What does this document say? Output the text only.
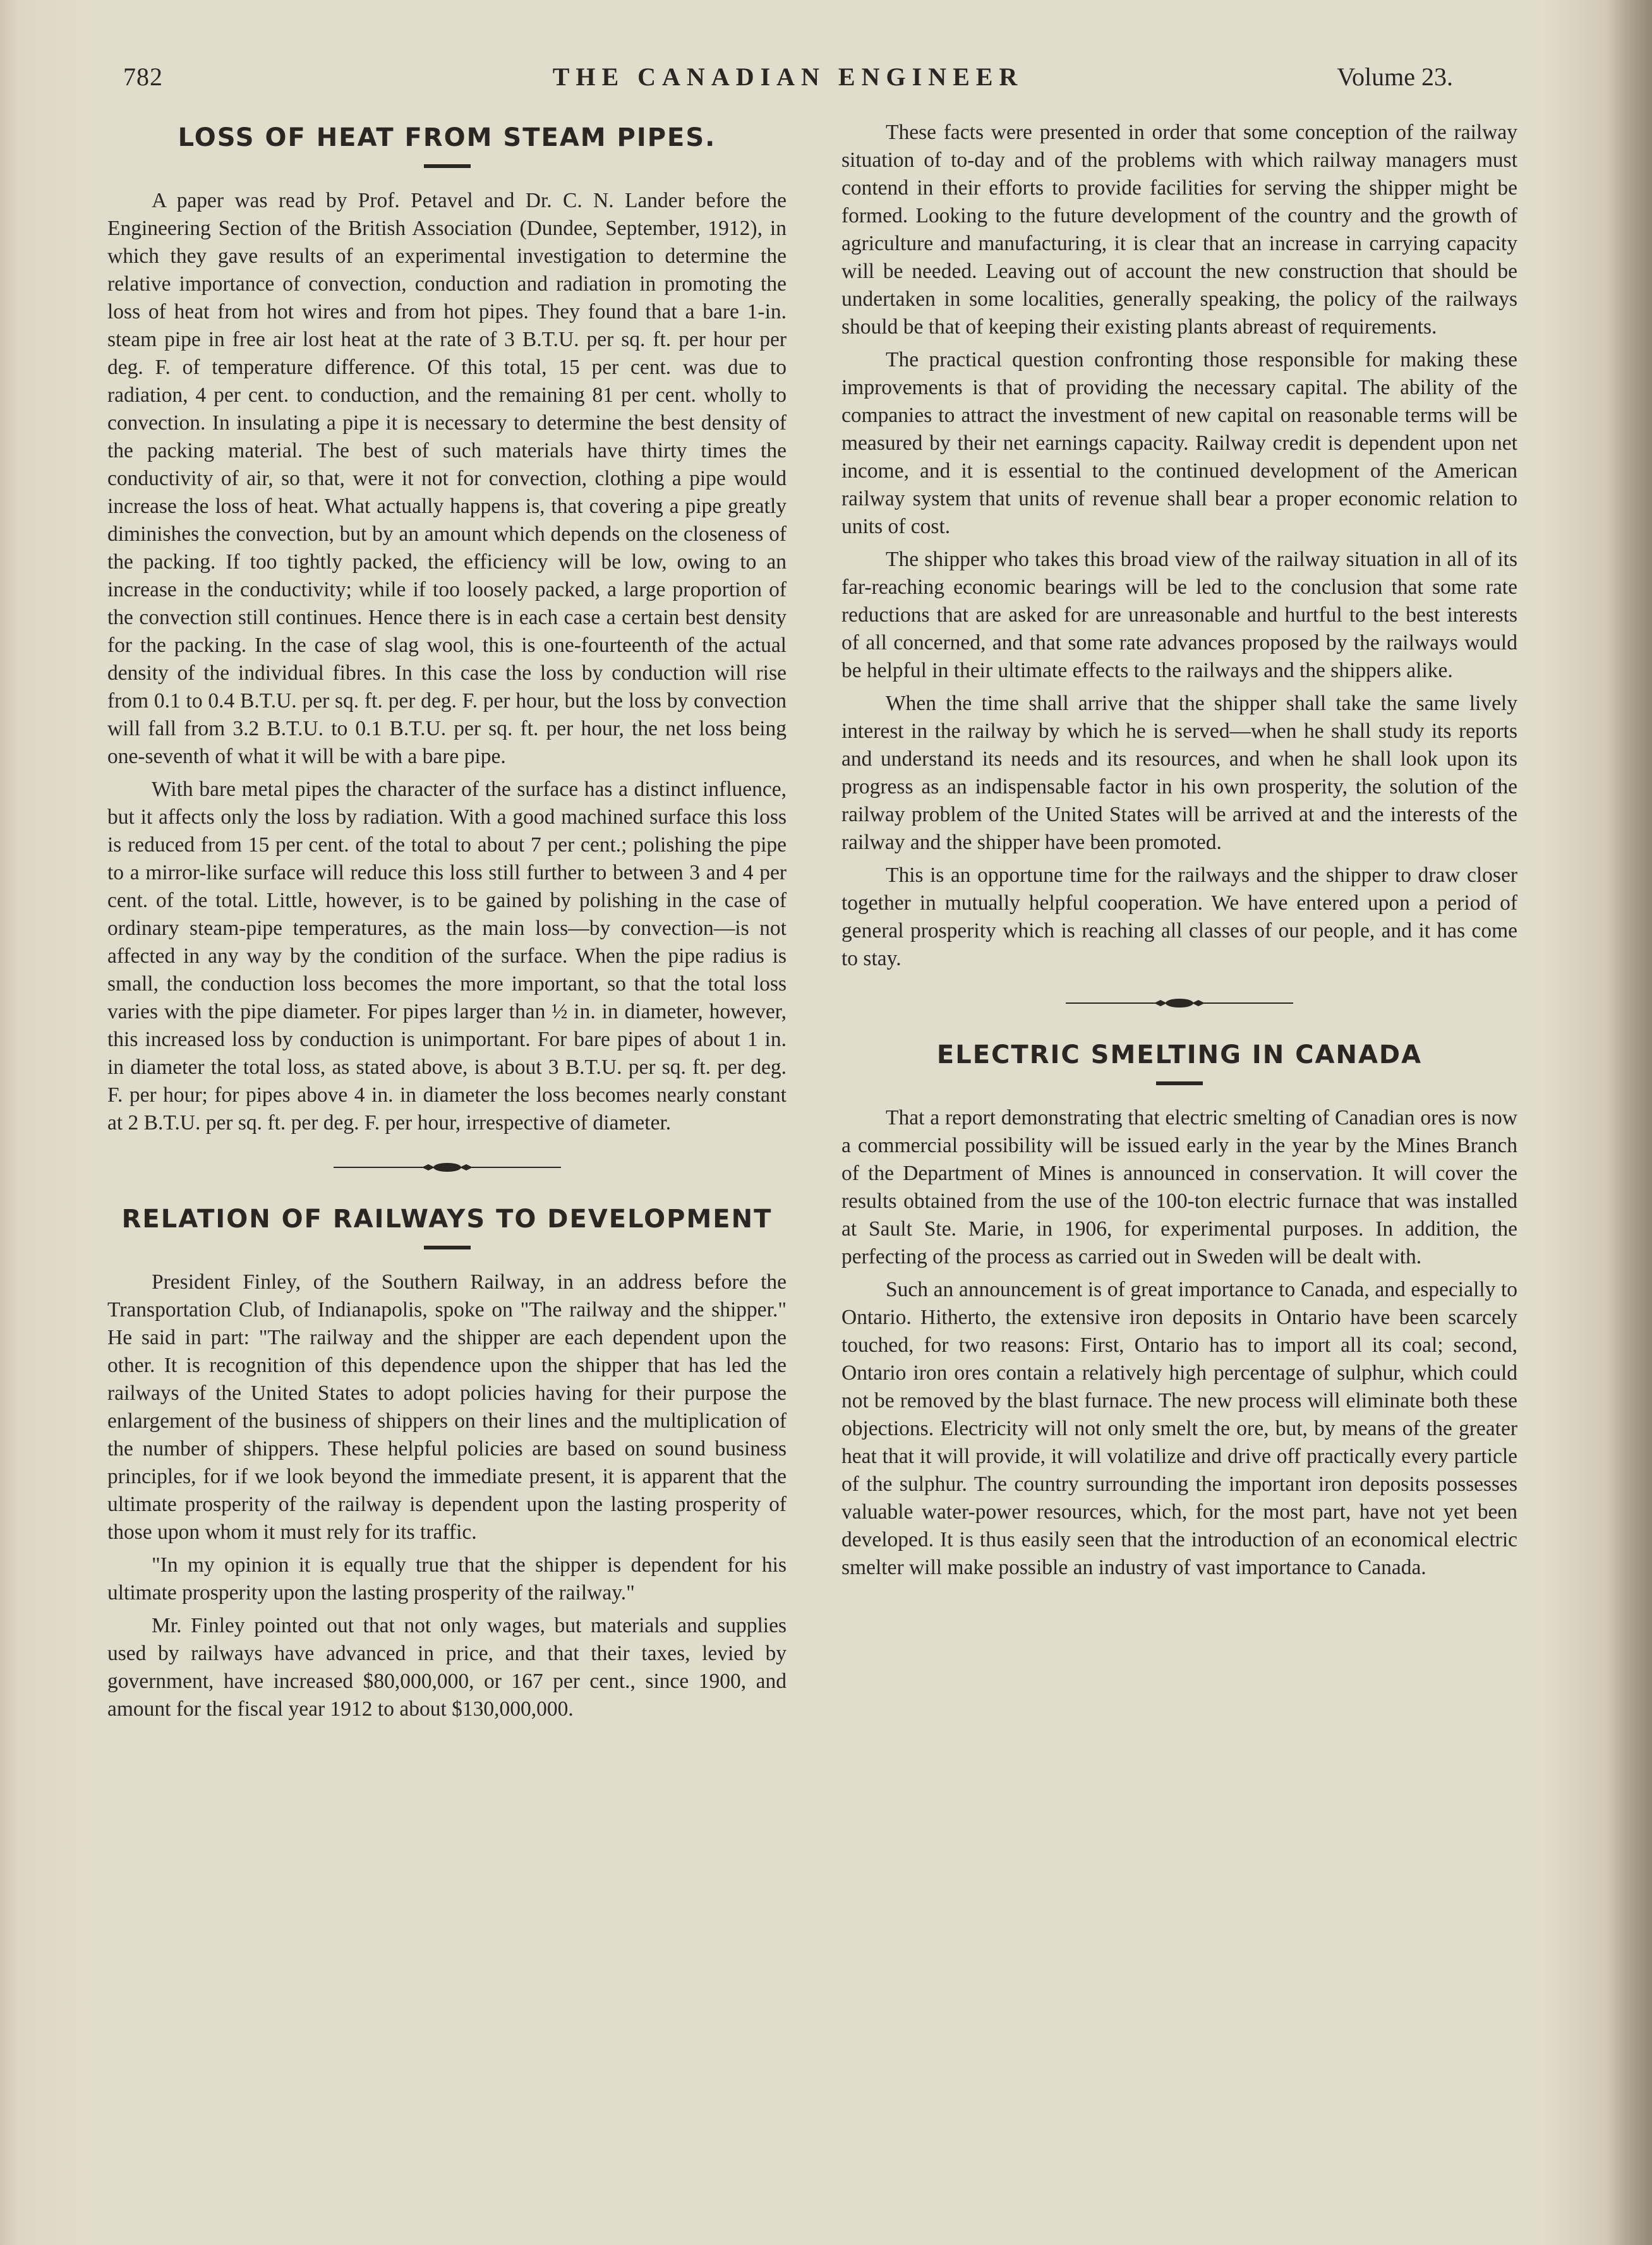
782	THE CANADIAN ENGINEER	Volume 23.
LOSS OF HEAT FROM STEAM PIPES.

A paper was read by Prof. Petavel and Dr. C. N. Lander before the Engineering Section of the British Association (Dundee, September, 1912), in which they gave results of an experimental investigation to determine the relative importance of convection, conduction and radiation in promoting the loss of heat from hot wires and from hot pipes. They found that a bare 1-in. steam pipe in free air lost heat at the rate of 3 B.T.U. per sq. ft. per hour per deg. F. of temperature difference. Of this total, 15 per cent. was due to radiation, 4 per cent. to conduction, and the remaining 81 per cent. wholly to convection. In insulating a pipe it is necessary to determine the best density of the packing material. The best of such materials have thirty times the conductivity of air, so that, were it not for convection, clothing a pipe would increase the loss of heat. What actually happens is, that covering a pipe greatly diminishes the convection, but by an amount which depends on the closeness of the packing. If too tightly packed, the efficiency will be low, owing to an increase in the conductivity; while if too loosely packed, a large proportion of the convection still continues. Hence there is in each case a certain best density for the packing. In the case of slag wool, this is one-fourteenth of the actual density of the individual fibres. In this case the loss by conduction will rise from 0.1 to 0.4 B.T.U. per sq. ft. per deg. F. per hour, but the loss by convection will fall from 3.2 B.T.U. to 0.1 B.T.U. per sq. ft. per hour, the net loss being one-seventh of what it will be with a bare pipe.

With bare metal pipes the character of the surface has a distinct influence, but it affects only the loss by radiation. With a good machined surface this loss is reduced from 15 per cent. of the total to about 7 per cent.; polishing the pipe to a mirror-like surface will reduce this loss still further to between 3 and 4 per cent. of the total. Little, however, is to be gained by polishing in the case of ordinary steam-pipe temperatures, as the main loss—by convection—is not affected in any way by the condition of the surface. When the pipe radius is small, the conduction loss becomes the more important, so that the total loss varies with the pipe diameter. For pipes larger than ½ in. in diameter, however, this increased loss by conduction is unimportant. For bare pipes of about 1 in. in diameter the total loss, as stated above, is about 3 B.T.U. per sq. ft. per deg. F. per hour; for pipes above 4 in. in diameter the loss becomes nearly constant at 2 B.T.U. per sq. ft. per deg. F. per hour, irrespective of diameter.

RELATION OF RAILWAYS TO DEVELOPMENT

President Finley, of the Southern Railway, in an address before the Transportation Club, of Indianapolis, spoke on "The railway and the shipper." He said in part: "The railway and the shipper are each dependent upon the other. It is recognition of this dependence upon the shipper that has led the railways of the United States to adopt policies having for their purpose the enlargement of the business of shippers on their lines and the multiplication of the number of shippers. These helpful policies are based on sound business principles, for if we look beyond the immediate present, it is apparent that the ultimate prosperity of the railway is dependent upon the lasting prosperity of those upon whom it must rely for its traffic.

"In my opinion it is equally true that the shipper is dependent for his ultimate prosperity upon the lasting prosperity of the railway."

Mr. Finley pointed out that not only wages, but materials and supplies used by railways have advanced in price, and that their taxes, levied by government, have increased $80,000,000, or 167 per cent., since 1900, and amount for the fiscal year 1912 to about $130,000,000.

These facts were presented in order that some conception of the railway situation of to-day and of the problems with which railway managers must contend in their efforts to provide facilities for serving the shipper might be formed. Looking to the future development of the country and the growth of agriculture and manufacturing, it is clear that an increase in carrying capacity will be needed. Leaving out of account the new construction that should be undertaken in some localities, generally speaking, the policy of the railways should be that of keeping their existing plants abreast of requirements.

The practical question confronting those responsible for making these improvements is that of providing the necessary capital. The ability of the companies to attract the investment of new capital on reasonable terms will be measured by their net earnings capacity. Railway credit is dependent upon net income, and it is essential to the continued development of the American railway system that units of revenue shall bear a proper economic relation to units of cost.

The shipper who takes this broad view of the railway situation in all of its far-reaching economic bearings will be led to the conclusion that some rate reductions that are asked for are unreasonable and hurtful to the best interests of all concerned, and that some rate advances proposed by the railways would be helpful in their ultimate effects to the railways and the shippers alike.

When the time shall arrive that the shipper shall take the same lively interest in the railway by which he is served—when he shall study its reports and understand its needs and its resources, and when he shall look upon its progress as an indispensable factor in his own prosperity, the solution of the railway problem of the United States will be arrived at and the interests of the railway and the shipper have been promoted.

This is an opportune time for the railways and the shipper to draw closer together in mutually helpful cooperation. We have entered upon a period of general prosperity which is reaching all classes of our people, and it has come to stay.

ELECTRIC SMELTING IN CANADA

That a report demonstrating that electric smelting of Canadian ores is now a commercial possibility will be issued early in the year by the Mines Branch of the Department of Mines is announced in conservation. It will cover the results obtained from the use of the 100-ton electric furnace that was installed at Sault Ste. Marie, in 1906, for experimental purposes. In addition, the perfecting of the process as carried out in Sweden will be dealt with.

Such an announcement is of great importance to Canada, and especially to Ontario. Hitherto, the extensive iron deposits in Ontario have been scarcely touched, for two reasons: First, Ontario has to import all its coal; second, Ontario iron ores contain a relatively high percentage of sulphur, which could not be removed by the blast furnace. The new process will eliminate both these objections. Electricity will not only smelt the ore, but, by means of the greater heat that it will provide, it will volatilize and drive off practically every particle of the sulphur. The country surrounding the important iron deposits possesses valuable water-power resources, which, for the most part, have not yet been developed. It is thus easily seen that the introduction of an economical electric smelter will make possible an industry of vast importance to Canada.
